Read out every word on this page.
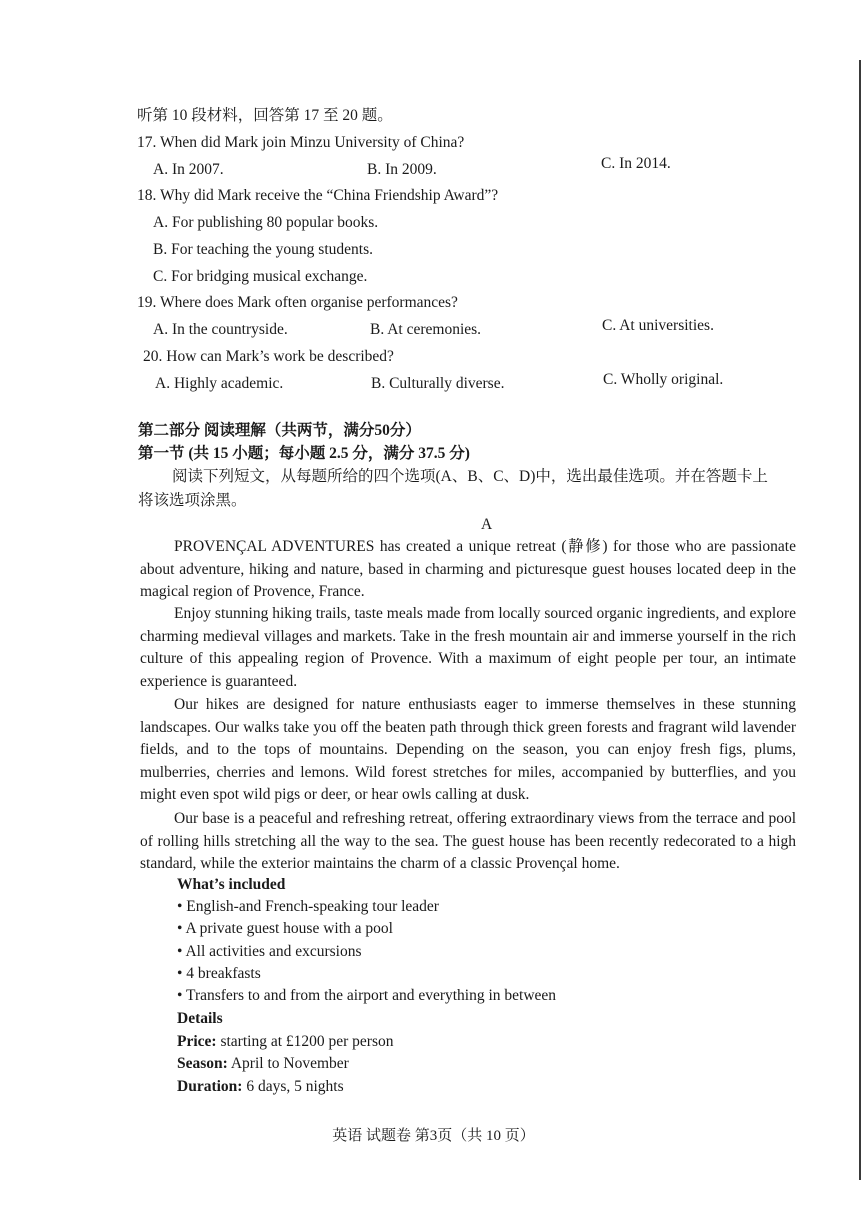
听第 10 段材料，回答第 17 至 20 题。
17. When did Mark join Minzu University of China?
A. In 2007.	B. In 2009.	C. In 2014.
18. Why did Mark receive the “China Friendship Award”?
A. For publishing 80 popular books.
B. For teaching the young students.
C. For bridging musical exchange.
19. Where does Mark often organise performances?
A. In the countryside.	B. At ceremonies.	C. At universities.
20. How can Mark’s work be described?
A. Highly academic.	B. Culturally diverse.	C. Wholly original.
第二部分 阅读理解（共两节，满分50分）
第一节 (共 15 小题；每小题 2.5 分，满分 37.5 分)
阅读下列短文，从每题所给的四个选项(A、B、C、D)中，选出最佳选项。并在答题卡上
将该选项涂黑。
A
PROVENÇAL ADVENTURES has created a unique retreat (静修) for those who are passionate about adventure, hiking and nature, based in charming and picturesque guest houses located deep in the magical region of Provence, France.
Enjoy stunning hiking trails, taste meals made from locally sourced organic ingredients, and explore charming medieval villages and markets. Take in the fresh mountain air and immerse yourself in the rich culture of this appealing region of Provence. With a maximum of eight people per tour, an intimate experience is guaranteed.
Our hikes are designed for nature enthusiasts eager to immerse themselves in these stunning landscapes. Our walks take you off the beaten path through thick green forests and fragrant wild lavender fields, and to the tops of mountains. Depending on the season, you can enjoy fresh figs, plums, mulberries, cherries and lemons. Wild forest stretches for miles, accompanied by butterflies, and you might even spot wild pigs or deer, or hear owls calling at dusk.
Our base is a peaceful and refreshing retreat, offering extraordinary views from the terrace and pool of rolling hills stretching all the way to the sea. The guest house has been recently redecorated to a high standard, while the exterior maintains the charm of a classic Provençal home.
What’s included
• English-and French-speaking tour leader
• A private guest house with a pool
• All activities and excursions
• 4 breakfasts
• Transfers to and from the airport and everything in between
Details
Price: starting at £1200 per person
Season: April to November
Duration: 6 days, 5 nights
英语 试题卷 第3页（共 10 页）
